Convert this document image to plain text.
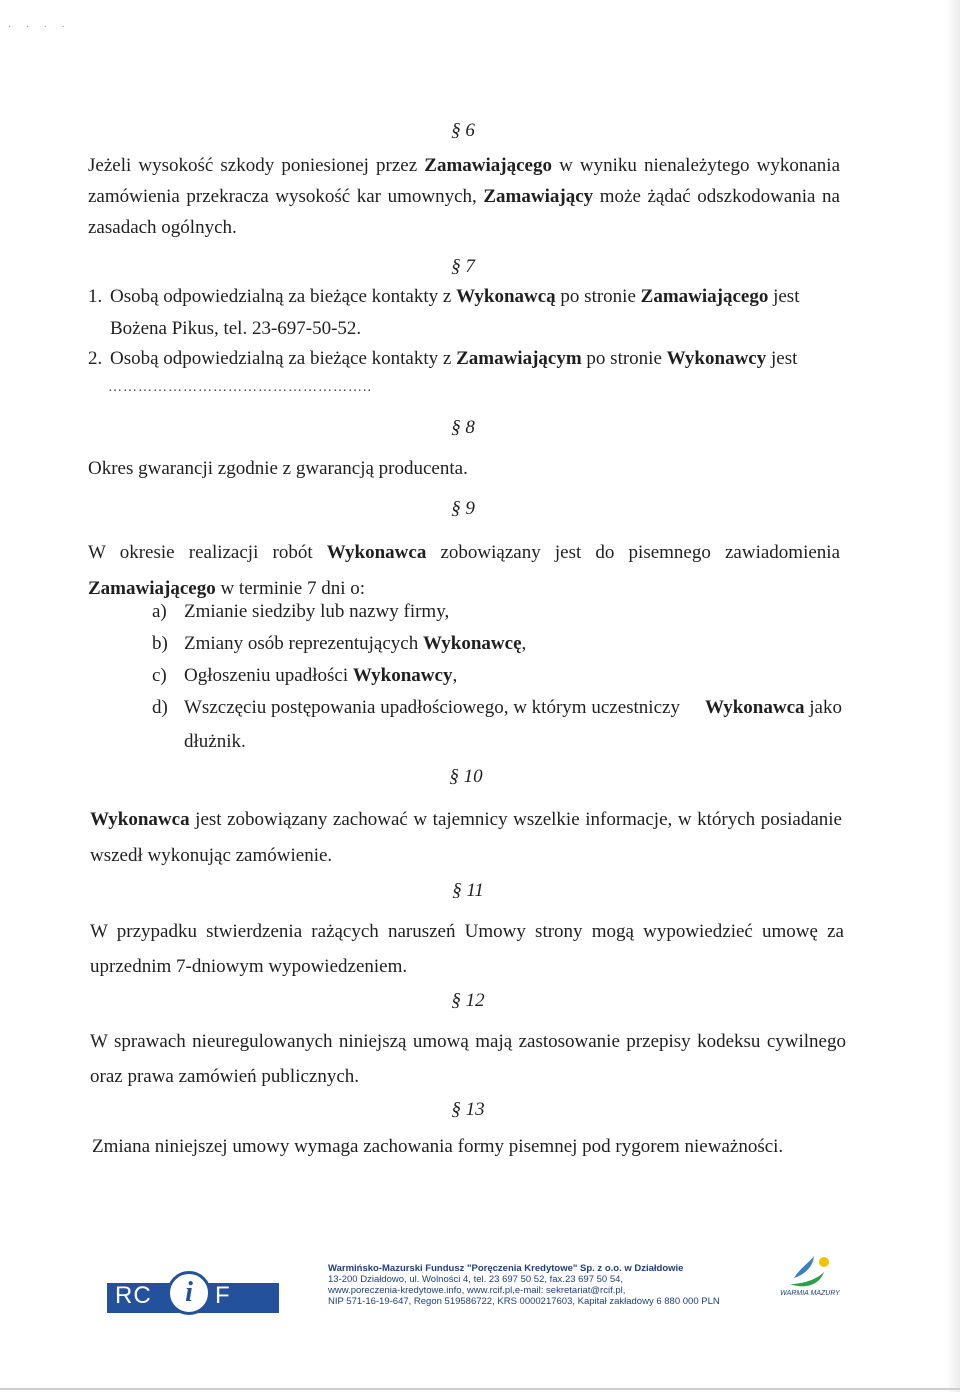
· · · ·
§ 6
Jeżeli wysokość szkody poniesionej przez Zamawiającego w wyniku nienależytego wykonania zamówienia przekracza wysokość kar umownych, Zamawiający może żądać odszkodowania na zasadach ogólnych.
§ 7
1. Osobą odpowiedzialną za bieżące kontakty z Wykonawcą po stronie Zamawiającego jest
Bożena Pikus, tel. 23-697-50-52.
2. Osobą odpowiedzialną za bieżące kontakty z Zamawiającym po stronie Wykonawcy jest
……………………………………………..
§ 8
Okres gwarancji zgodnie z gwarancją producenta.
§ 9
W okresie realizacji robót Wykonawca zobowiązany jest do pisemnego zawiadomienia Zamawiającego w terminie 7 dni o:
a) Zmianie siedziby lub nazwy firmy,
b) Zmiany osób reprezentujących Wykonawcę,
c) Ogłoszeniu upadłości Wykonawcy,
d) Wszczęciu postępowania upadłościowego, w którym uczestniczy Wykonawca jako
dłużnik.
§ 10
Wykonawca jest zobowiązany zachować w tajemnicy wszelkie informacje, w których posiadanie wszedł wykonując zamówienie.
§ 11
W przypadku stwierdzenia rażących naruszeń Umowy strony mogą wypowiedzieć umowę za uprzednim 7-dniowym wypowiedzeniem.
§ 12
W sprawach nieuregulowanych niniejszą umową mają zastosowanie przepisy kodeksu cywilnego oraz prawa zamówień publicznych.
§ 13
Zmiana niniejszej umowy wymaga zachowania formy pisemnej pod rygorem nieważności.
RC	i F
Warmińsko-Mazurski Fundusz "Poręczenia Kredytowe" Sp. z o.o. w Działdowie
13-200 Działdowo, ul. Wolności 4, tel. 23 697 50 52, fax.23 697 50 54,
www.poreczenia-kredytowe.info, www.rcif.pl,e-mail: sekretariat@rcif.pl,
NIP 571-16-19-647, Regon 519586722, KRS 0000217603, Kapitał zakładowy 6 880 000 PLN
WARMIA MAZURY
